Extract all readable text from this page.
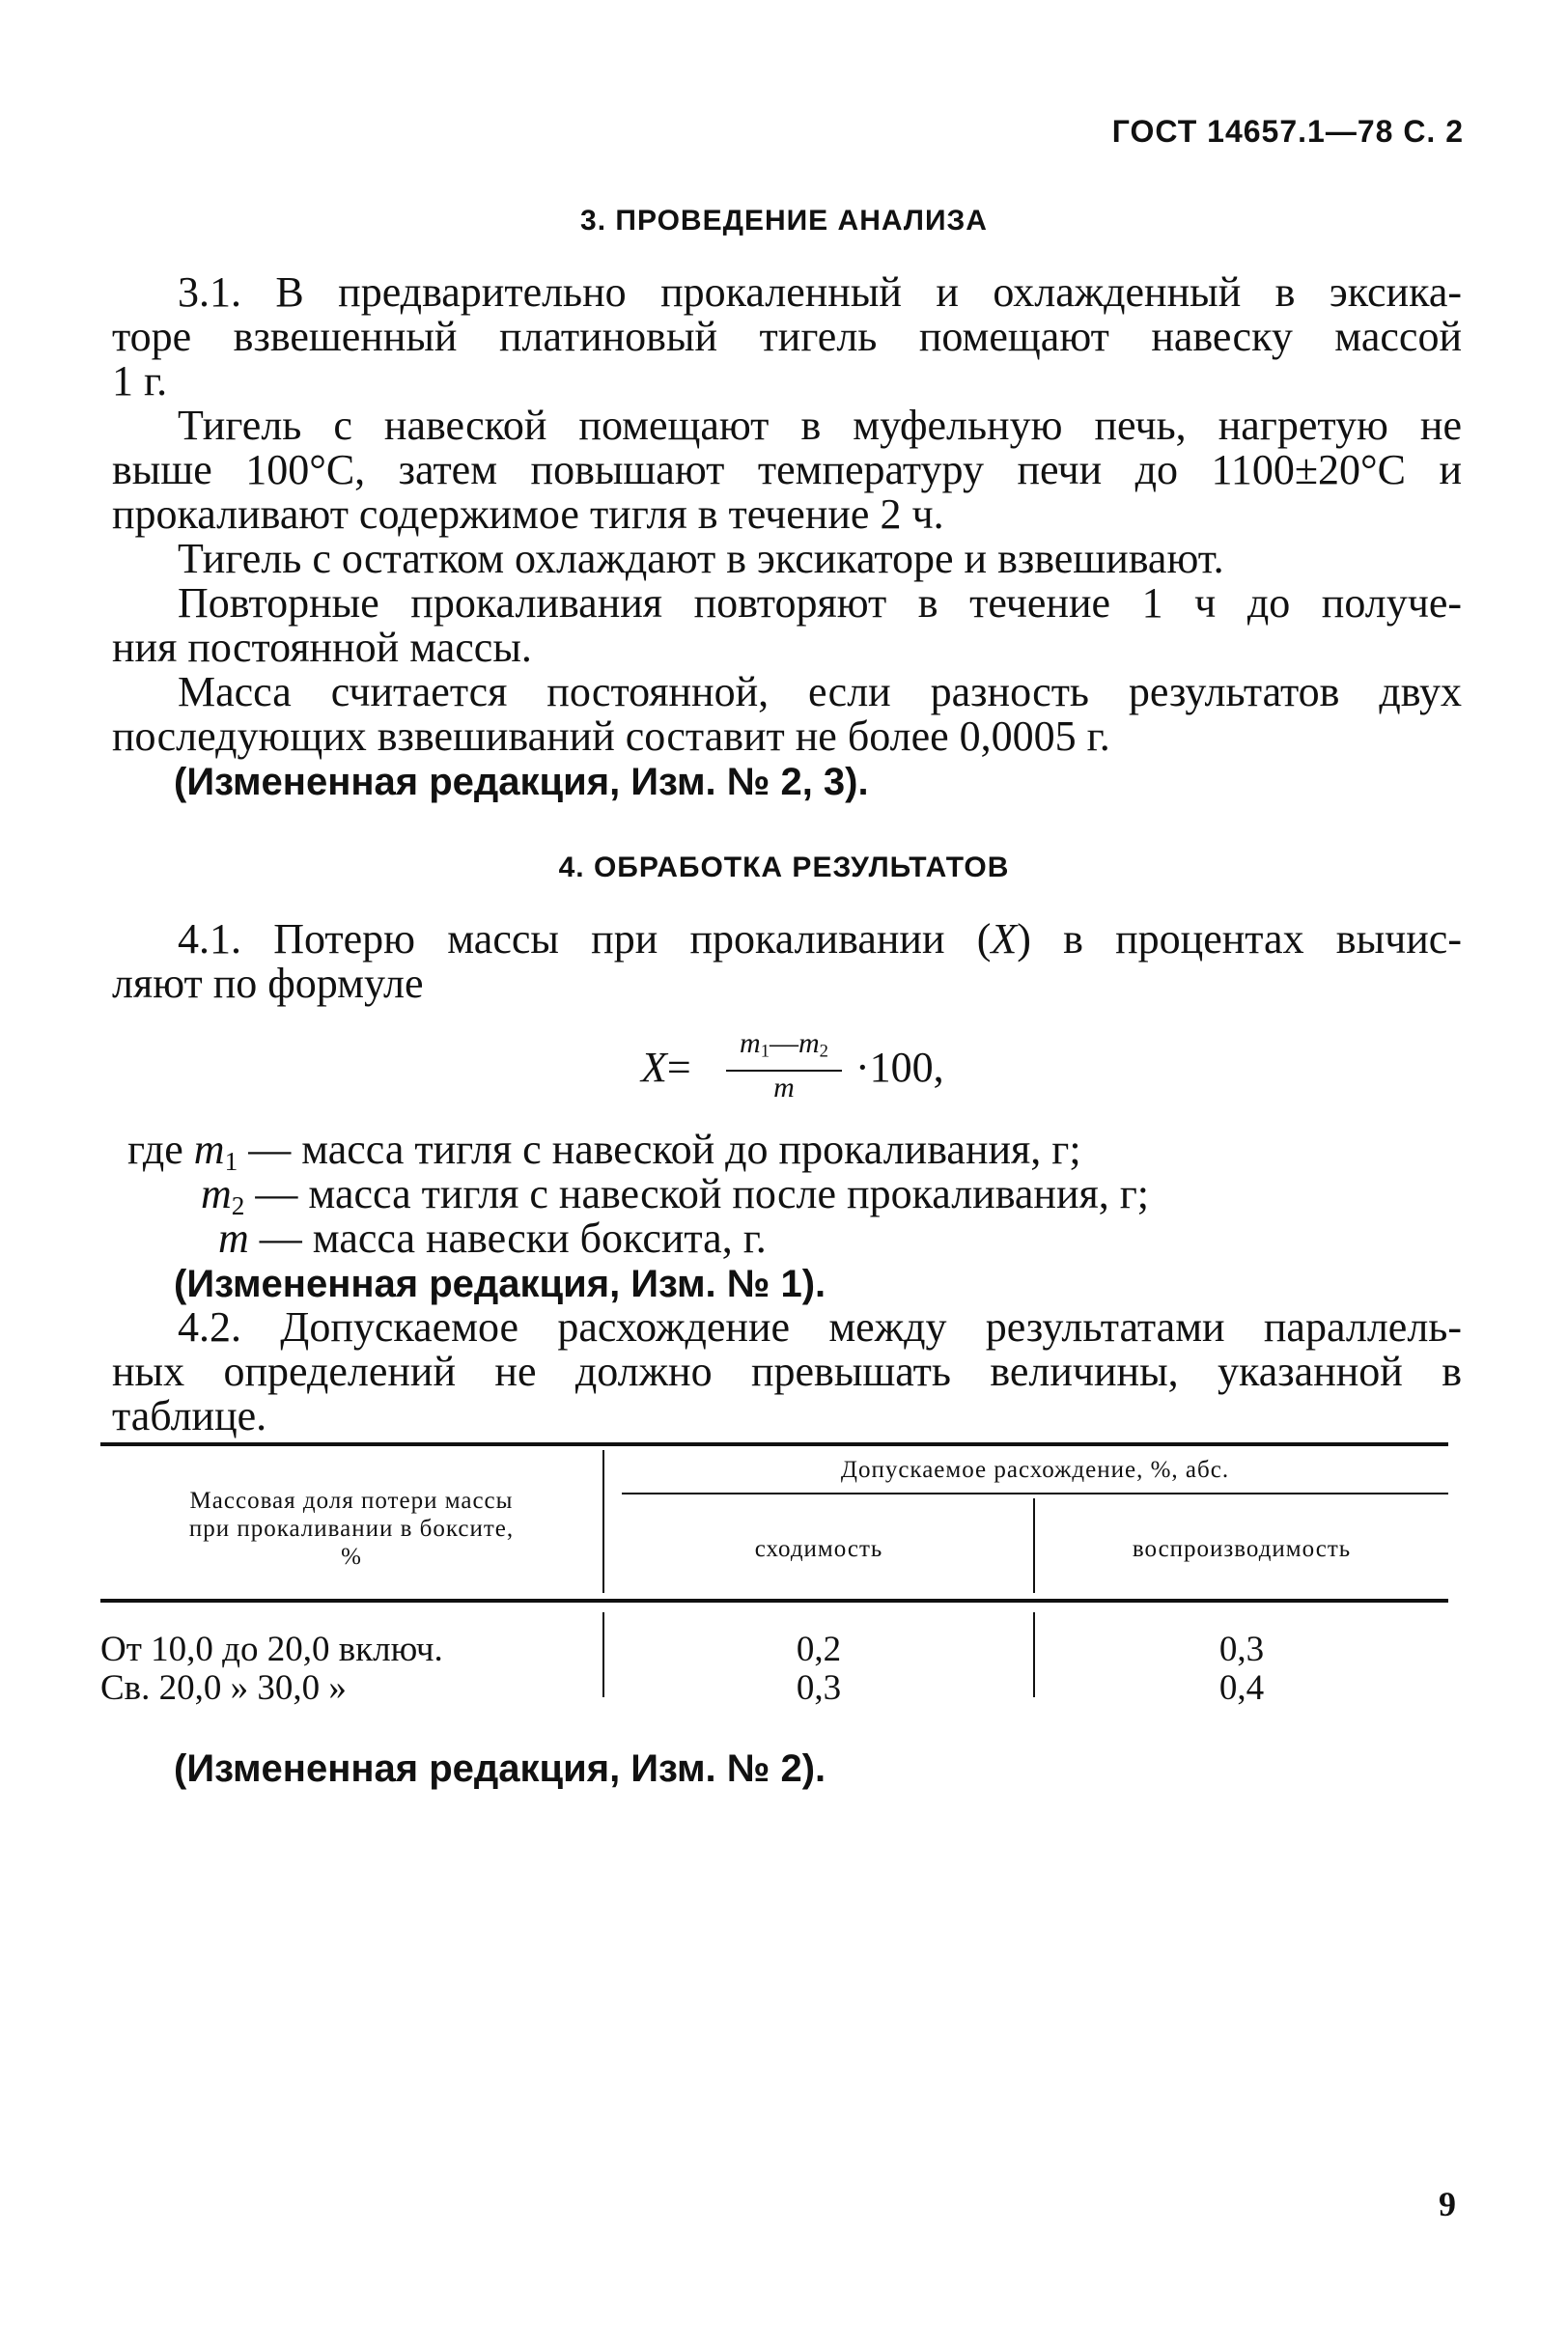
ГОСТ 14657.1—78 С. 2
3. ПРОВЕДЕНИЕ АНАЛИЗА
3.1. В предварительно прокаленный и охлажденный в эксика-
торе взвешенный платиновый тигель помещают навеску массой
1 г.
Тигель с навеской помещают в муфельную печь, нагретую не
выше 100°С, затем повышают температуру печи до 1100±20°С и
прокаливают содержимое тигля в течение 2 ч.
Тигель с остатком охлаждают в эксикаторе и взвешивают.
Повторные прокаливания повторяют в течение 1 ч до получе-
ния постоянной массы.
Масса считается постоянной, если разность результатов двух
последующих взвешиваний составит не более 0,0005 г.
(Измененная редакция, Изм. № 2, 3).
4. ОБРАБОТКА РЕЗУЛЬТАТОВ
4.1. Потерю массы при прокаливании (X) в процентах вычис-
ляют по формуле
X=
$m_1—m_2$
m	·100,
где $m_1$ — масса тигля с навеской до прокаливания, г;
$m_2$ — масса тигля с навеской после прокаливания, г;
m — масса навески боксита, г.
(Измененная редакция, Изм. № 1).
4.2. Допускаемое расхождение между результатами параллель-
ных определений не должно превышать величины, указанной в
таблице.
Массовая доля потери массы
при прокаливании в боксите,
%
Допускаемое расхождение, %, абс.
сходимость	воспроизводимость
От 10,0 до 20,0 включ.	0,2	0,3
Св. 20,0 » 30,0 »	0,3	0,4
(Измененная редакция, Изм. № 2).
9
